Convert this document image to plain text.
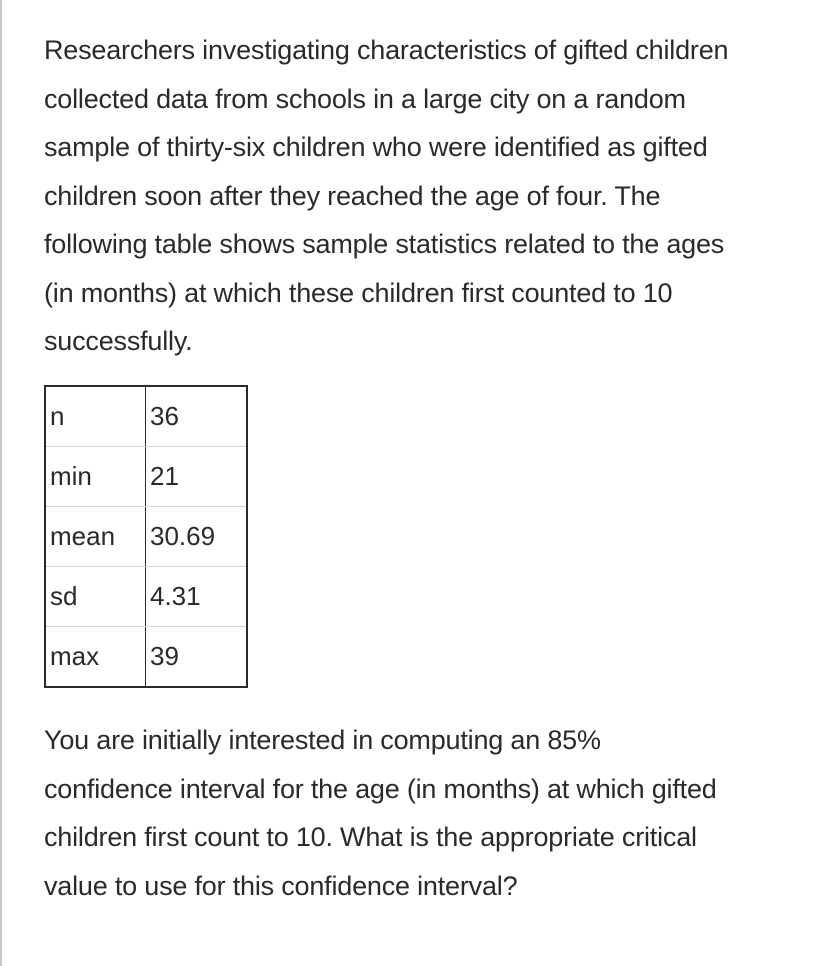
Researchers investigating characteristics of gifted children
collected data from schools in a large city on a random
sample of thirty-six children who were identified as gifted
children soon after they reached the age of four. The
following table shows sample statistics related to the ages
(in months) at which these children first counted to 10
successfully.

n	36
min	21
mean	30.69
sd	4.31
max	39

You are initially interested in computing an 85%
confidence interval for the age (in months) at which gifted
children first count to 10. What is the appropriate critical
value to use for this confidence interval?
